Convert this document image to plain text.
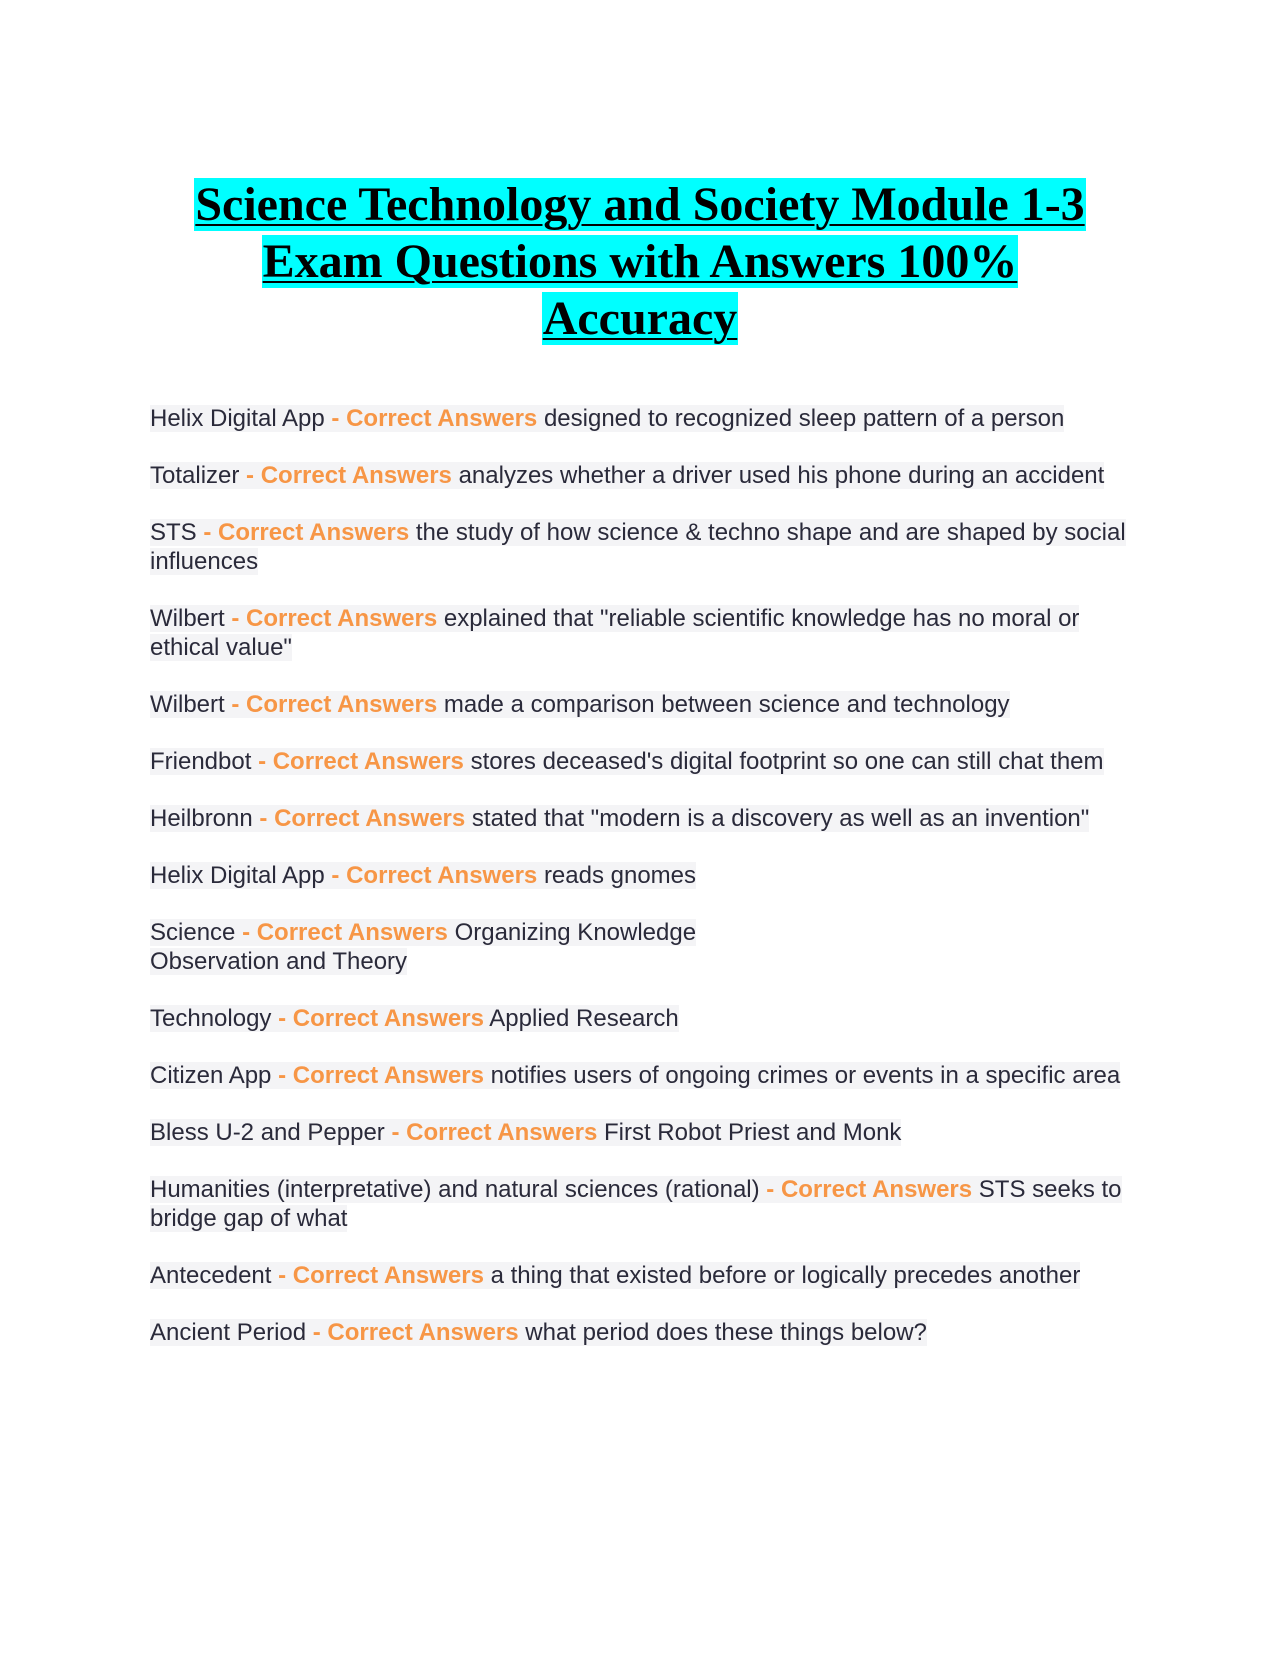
Science Technology and Society Module 1-3
Exam Questions with Answers 100%
Accuracy

Helix Digital App - Correct Answers designed to recognized sleep pattern of a person

Totalizer - Correct Answers analyzes whether a driver used his phone during an accident

STS - Correct Answers the study of how science & techno shape and are shaped by social influences

Wilbert - Correct Answers explained that "reliable scientific knowledge has no moral or ethical value"

Wilbert - Correct Answers made a comparison between science and technology

Friendbot - Correct Answers stores deceased's digital footprint so one can still chat them

Heilbronn - Correct Answers stated that "modern is a discovery as well as an invention"

Helix Digital App - Correct Answers reads gnomes

Science - Correct Answers Organizing Knowledge
Observation and Theory

Technology - Correct Answers Applied Research

Citizen App - Correct Answers notifies users of ongoing crimes or events in a specific area

Bless U-2 and Pepper - Correct Answers First Robot Priest and Monk

Humanities (interpretative) and natural sciences (rational) - Correct Answers STS seeks to bridge gap of what

Antecedent - Correct Answers a thing that existed before or logically precedes another

Ancient Period - Correct Answers what period does these things below?
